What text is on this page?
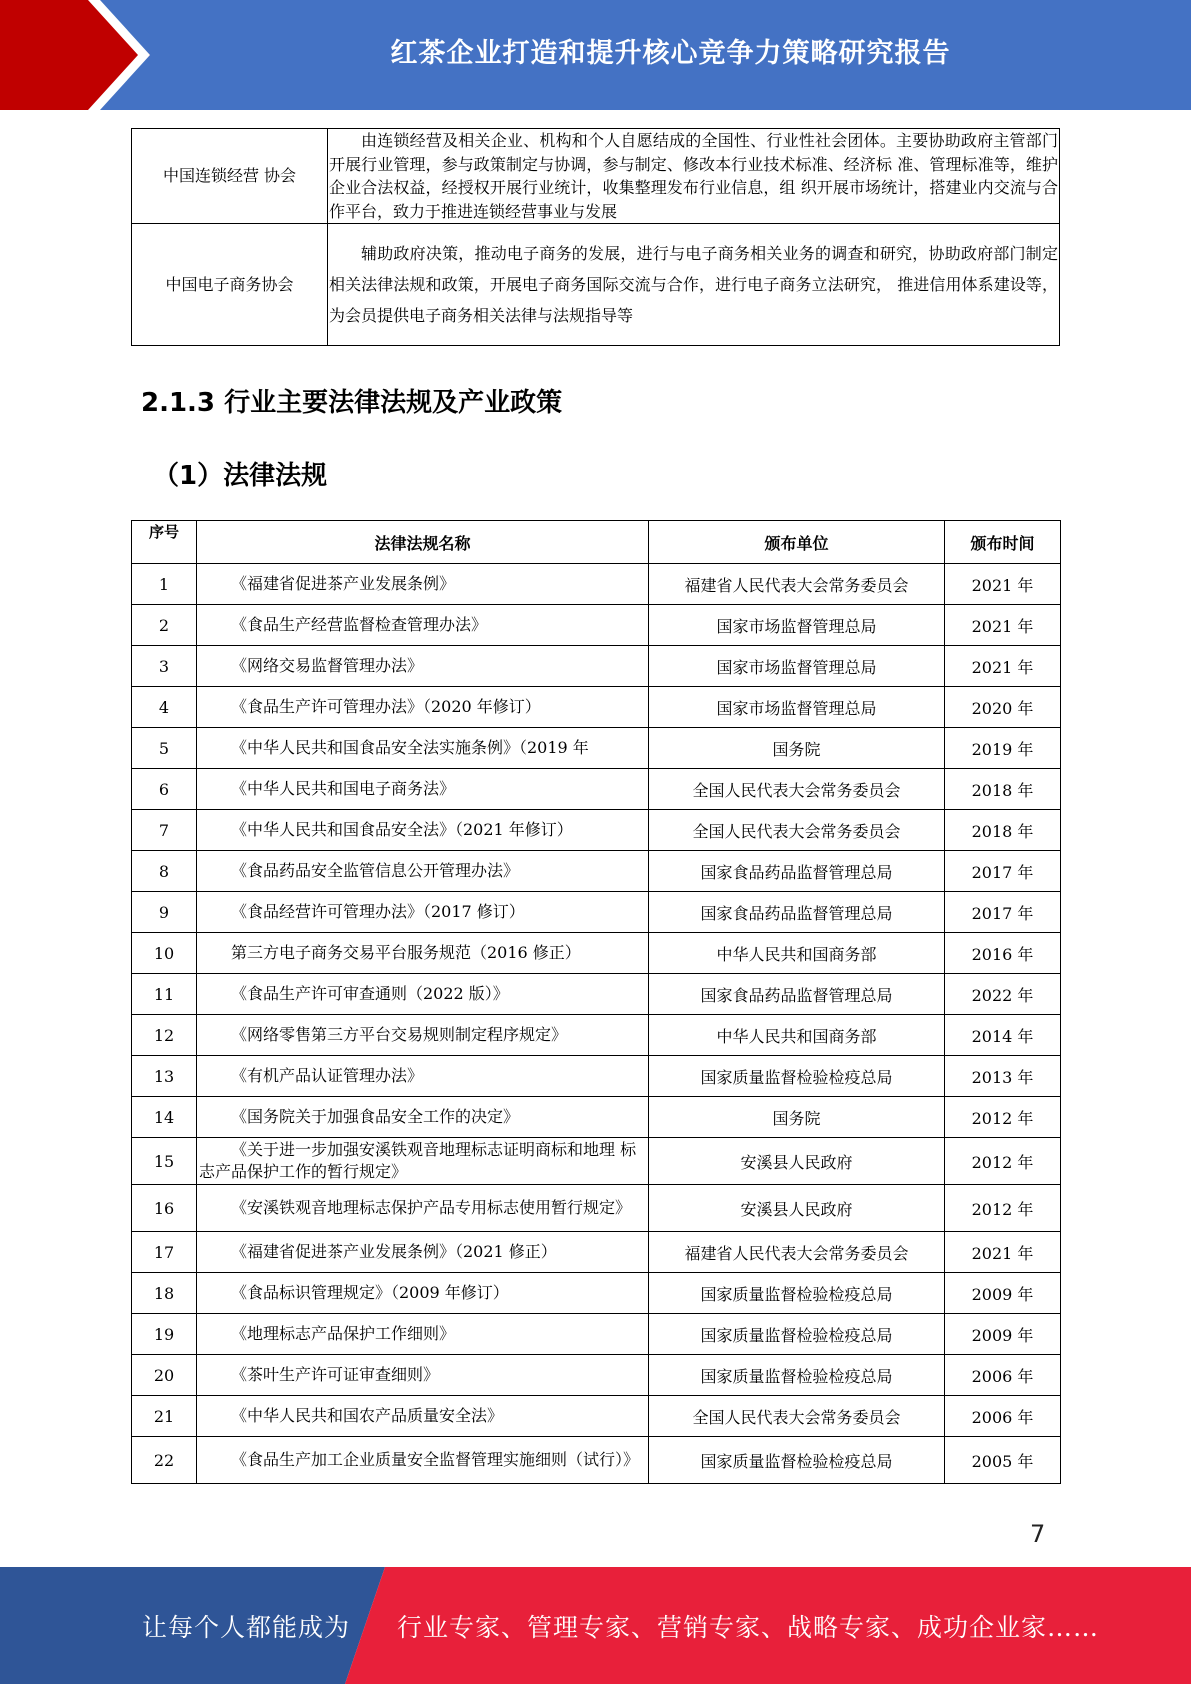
红茶企业打造和提升核心竞争力策略研究报告
中国连锁经营 协会	由连锁经营及相关企业、机构和个人自愿结成的全国性、行业性社会团体。主要协助政府主管部门开展行业管理，参与政策制定与协调，参与制定、修改本行业技术标准、经济标 准、管理标准等，维护企业合法权益，经授权开展行业统计，收集整理发布行业信息，组 织开展市场统计，搭建业内交流与合作平台，致力于推进连锁经营事业与发展
中国电子商务协会	辅助政府决策，推动电子商务的发展，进行与电子商务相关业务的调查和研究，协助政府部门制定相关法律法规和政策，开展电子商务国际交流与合作，进行电子商务立法研究， 推进信用体系建设等，为会员提供电子商务相关法律与法规指导等
2.1.3 行业主要法律法规及产业政策
（1）法律法规
序号	法律法规名称	颁布单位	颁布时间
1	《福建省促进茶产业发展条例》	福建省人民代表大会常务委员会	2021 年
2	《食品生产经营监督检查管理办法》	国家市场监督管理总局	2021 年
3	《网络交易监督管理办法》	国家市场监督管理总局	2021 年
4	《食品生产许可管理办法》（2020 年修订）	国家市场监督管理总局	2020 年
5	《中华人民共和国食品安全法实施条例》（2019 年	国务院	2019 年
6	《中华人民共和国电子商务法》	全国人民代表大会常务委员会	2018 年
7	《中华人民共和国食品安全法》（2021 年修订）	全国人民代表大会常务委员会	2018 年
8	《食品药品安全监管信息公开管理办法》	国家食品药品监督管理总局	2017 年
9	《食品经营许可管理办法》（2017 修订）	国家食品药品监督管理总局	2017 年
10	第三方电子商务交易平台服务规范（2016 修正）	中华人民共和国商务部	2016 年
11	《食品生产许可审查通则（2022 版）》	国家食品药品监督管理总局	2022 年
12	《网络零售第三方平台交易规则制定程序规定》	中华人民共和国商务部	2014 年
13	《有机产品认证管理办法》	国家质量监督检验检疫总局	2013 年
14	《国务院关于加强食品安全工作的决定》	国务院	2012 年
15	《关于进一步加强安溪铁观音地理标志证明商标和地理 标志产品保护工作的暂行规定》	安溪县人民政府	2012 年
16	《安溪铁观音地理标志保护产品专用标志使用暂行规定》	安溪县人民政府	2012 年
17	《福建省促进茶产业发展条例》（2021 修正）	福建省人民代表大会常务委员会	2021 年
18	《食品标识管理规定》（2009 年修订）	国家质量监督检验检疫总局	2009 年
19	《地理标志产品保护工作细则》	国家质量监督检验检疫总局	2009 年
20	《茶叶生产许可证审查细则》	国家质量监督检验检疫总局	2006 年
21	《中华人民共和国农产品质量安全法》	全国人民代表大会常务委员会	2006 年
22	《食品生产加工企业质量安全监督管理实施细则（试行）》	国家质量监督检验检疫总局	2005 年
7
让每个人都能成为 行业专家、管理专家、营销专家、战略专家、成功企业家……
